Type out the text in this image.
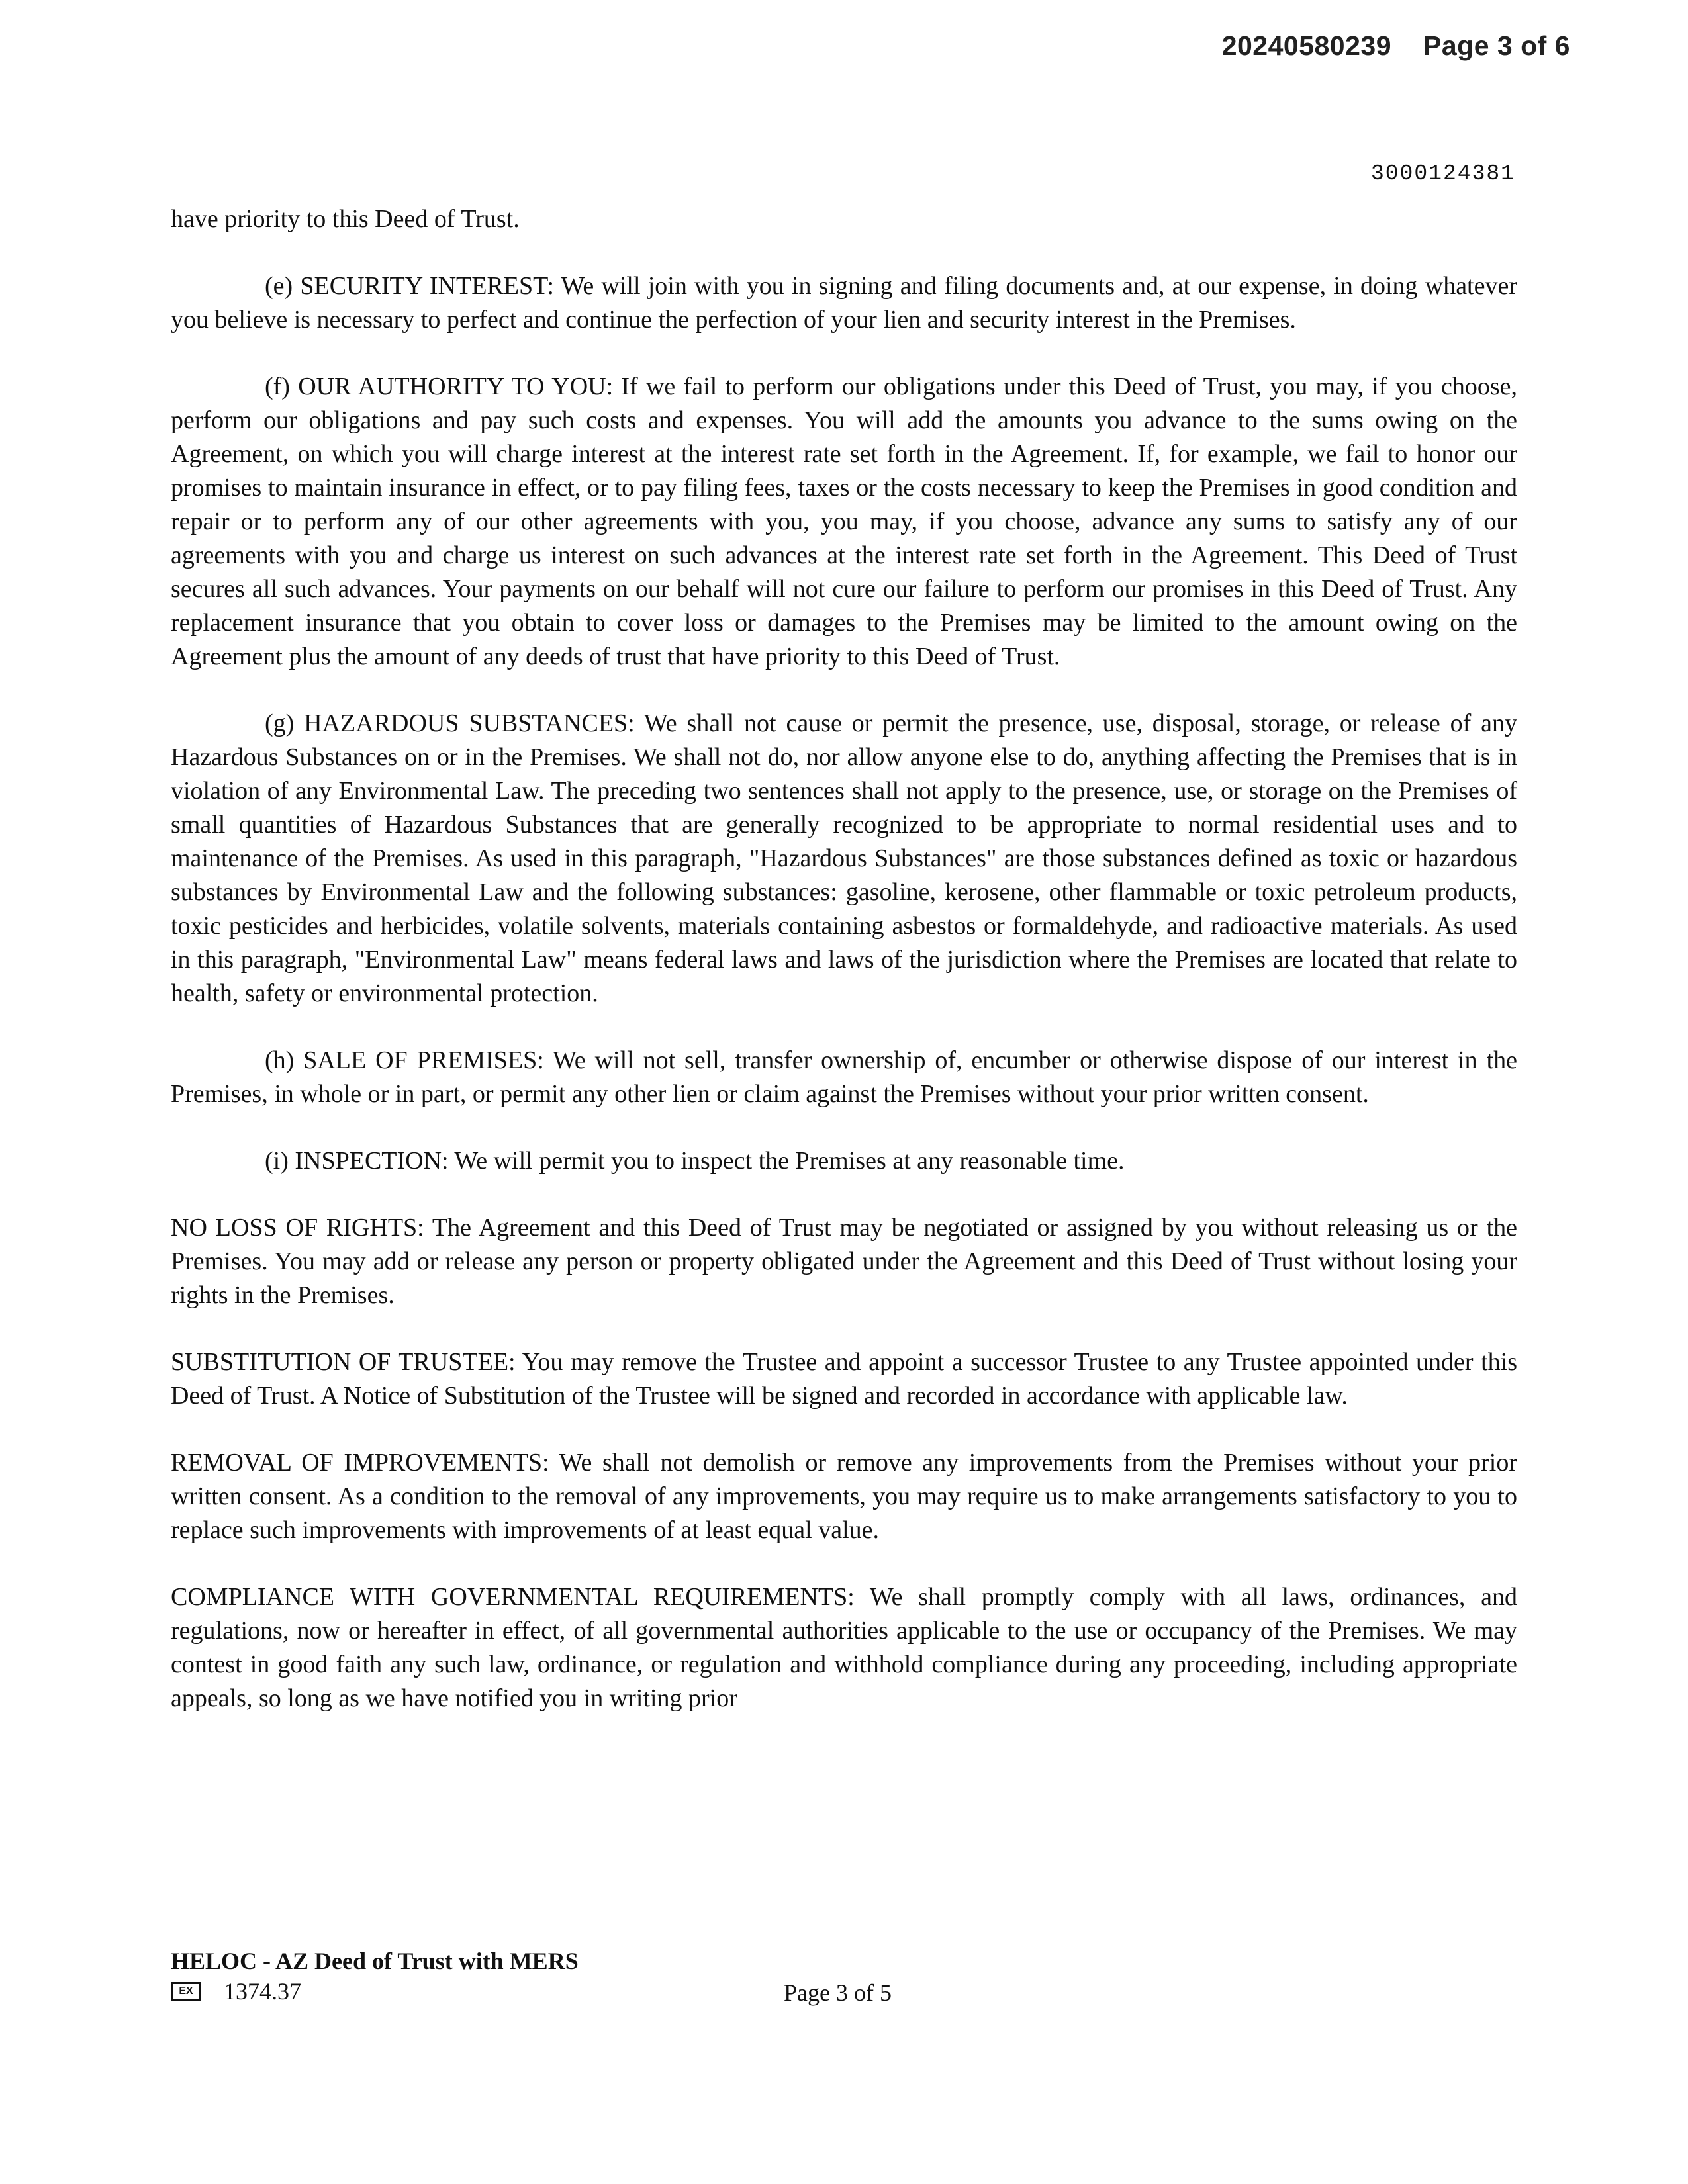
20240580239 Page 3 of 6
3000124381

have priority to this Deed of Trust.

(e) SECURITY INTEREST: We will join with you in signing and filing documents and, at our expense, in doing whatever you believe is necessary to perfect and continue the perfection of your lien and security interest in the Premises.

(f) OUR AUTHORITY TO YOU: If we fail to perform our obligations under this Deed of Trust, you may, if you choose, perform our obligations and pay such costs and expenses. You will add the amounts you advance to the sums owing on the Agreement, on which you will charge interest at the interest rate set forth in the Agreement. If, for example, we fail to honor our promises to maintain insurance in effect, or to pay filing fees, taxes or the costs necessary to keep the Premises in good condition and repair or to perform any of our other agreements with you, you may, if you choose, advance any sums to satisfy any of our agreements with you and charge us interest on such advances at the interest rate set forth in the Agreement. This Deed of Trust secures all such advances. Your payments on our behalf will not cure our failure to perform our promises in this Deed of Trust. Any replacement insurance that you obtain to cover loss or damages to the Premises may be limited to the amount owing on the Agreement plus the amount of any deeds of trust that have priority to this Deed of Trust.

(g) HAZARDOUS SUBSTANCES: We shall not cause or permit the presence, use, disposal, storage, or release of any Hazardous Substances on or in the Premises. We shall not do, nor allow anyone else to do, anything affecting the Premises that is in violation of any Environmental Law. The preceding two sentences shall not apply to the presence, use, or storage on the Premises of small quantities of Hazardous Substances that are generally recognized to be appropriate to normal residential uses and to maintenance of the Premises. As used in this paragraph, "Hazardous Substances" are those substances defined as toxic or hazardous substances by Environmental Law and the following substances: gasoline, kerosene, other flammable or toxic petroleum products, toxic pesticides and herbicides, volatile solvents, materials containing asbestos or formaldehyde, and radioactive materials. As used in this paragraph, "Environmental Law" means federal laws and laws of the jurisdiction where the Premises are located that relate to health, safety or environmental protection.

(h) SALE OF PREMISES: We will not sell, transfer ownership of, encumber or otherwise dispose of our interest in the Premises, in whole or in part, or permit any other lien or claim against the Premises without your prior written consent.

(i) INSPECTION: We will permit you to inspect the Premises at any reasonable time.

NO LOSS OF RIGHTS: The Agreement and this Deed of Trust may be negotiated or assigned by you without releasing us or the Premises. You may add or release any person or property obligated under the Agreement and this Deed of Trust without losing your rights in the Premises.

SUBSTITUTION OF TRUSTEE: You may remove the Trustee and appoint a successor Trustee to any Trustee appointed under this Deed of Trust. A Notice of Substitution of the Trustee will be signed and recorded in accordance with applicable law.

REMOVAL OF IMPROVEMENTS: We shall not demolish or remove any improvements from the Premises without your prior written consent. As a condition to the removal of any improvements, you may require us to make arrangements satisfactory to you to replace such improvements with improvements of at least equal value.

COMPLIANCE WITH GOVERNMENTAL REQUIREMENTS: We shall promptly comply with all laws, ordinances, and regulations, now or hereafter in effect, of all governmental authorities applicable to the use or occupancy of the Premises. We may contest in good faith any such law, ordinance, or regulation and withhold compliance during any proceeding, including appropriate appeals, so long as we have notified you in writing prior

HELOC - AZ Deed of Trust with MERS
EX	1374.37	Page 3 of 5
